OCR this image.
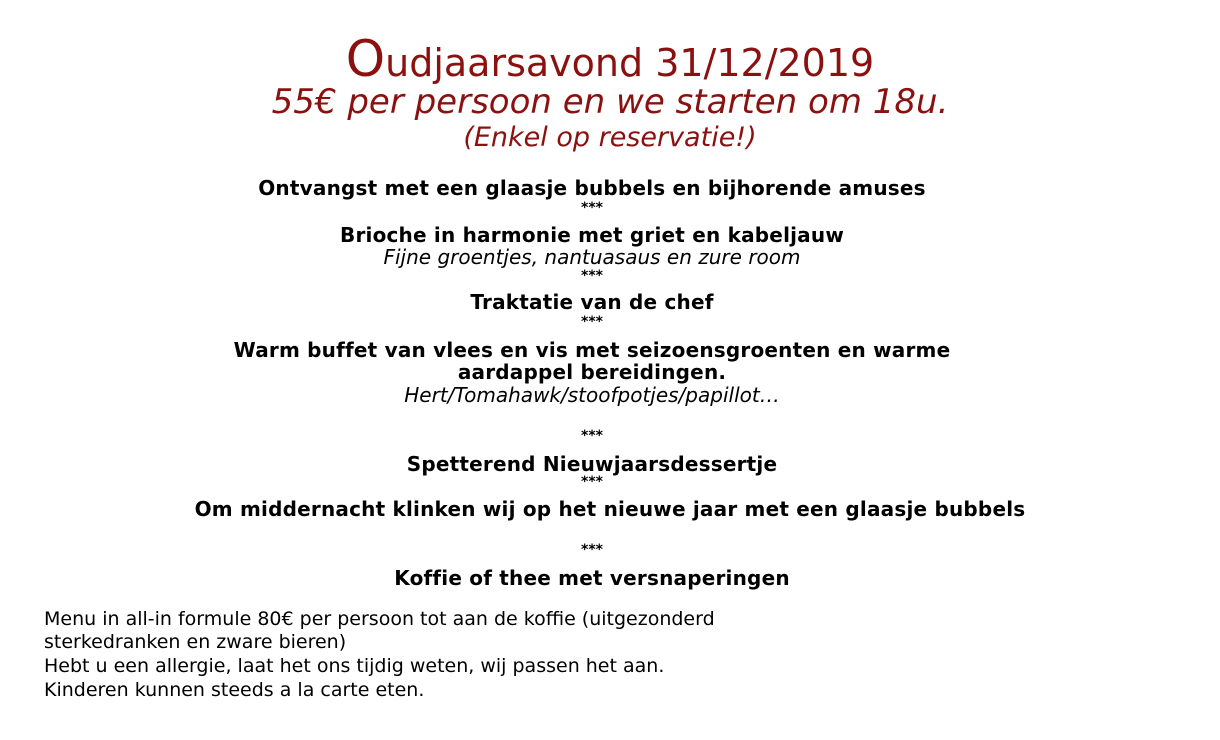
Oudjaarsavond 31/12/2019
55€ per persoon en we starten om 18u.
(Enkel op reservatie!)
Ontvangst met een glaasje bubbels en bijhorende amuses
***
Brioche in harmonie met griet en kabeljauw
Fijne groentjes, nantuasaus en zure room
***
Traktatie van de chef
***
Warm buffet van vlees en vis met seizoensgroenten en warme
aardappel bereidingen.
Hert/Tomahawk/stoofpotjes/papillot…
***
Spetterend Nieuwjaarsdessertje
***
Om middernacht klinken wij op het nieuwe jaar met een glaasje bubbels
***
Koffie of thee met versnaperingen
Menu in all-in formule 80€ per persoon tot aan de koffie (uitgezonderd
sterkedranken en zware bieren)
Hebt u een allergie, laat het ons tijdig weten, wij passen het aan.
Kinderen kunnen steeds a la carte eten.
